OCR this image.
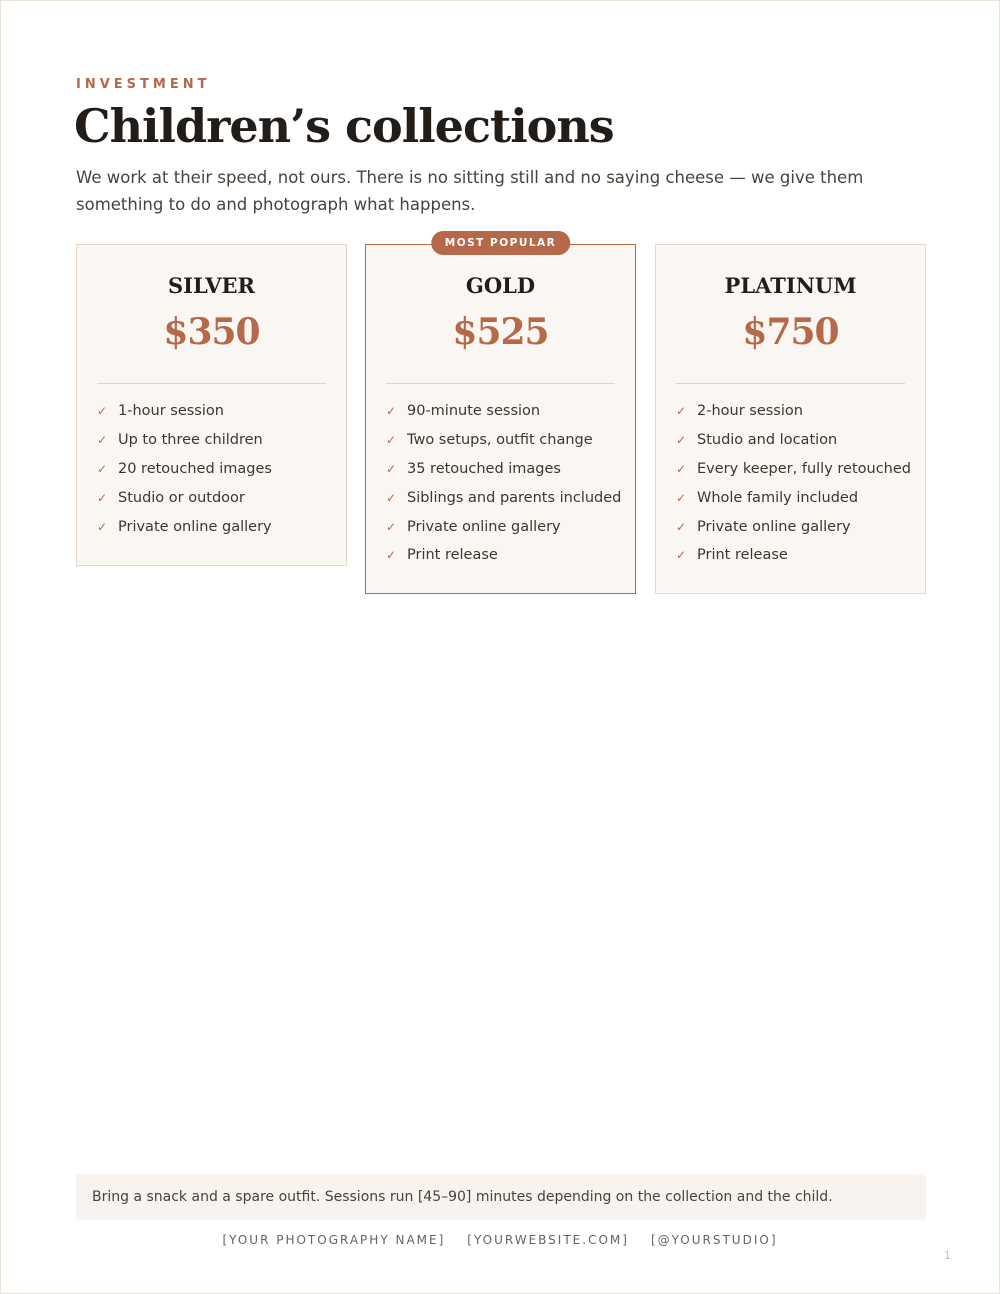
INVESTMENT
Children’s collections

We work at their speed, not ours. There is no sitting still and no saying cheese — we give them something to do and photograph what happens.

SILVER
$350
✓ 1-hour session
✓ Up to three children
✓ 20 retouched images
✓ Studio or outdoor
✓ Private online gallery
MOST POPULAR
GOLD
$525
✓ 90-minute session
✓ Two setups, outfit change
✓ 35 retouched images
✓ Siblings and parents included
✓ Private online gallery
✓ Print release
PLATINUM
$750
✓ 2-hour session
✓ Studio and location
✓ Every keeper, fully retouched
✓ Whole family included
✓ Private online gallery
✓ Print release
Bring a snack and a spare outfit. Sessions run [45–90] minutes depending on the collection and the child.
[YOUR PHOTOGRAPHY NAME] [YOURWEBSITE.COM] [@YOURSTUDIO]
1
